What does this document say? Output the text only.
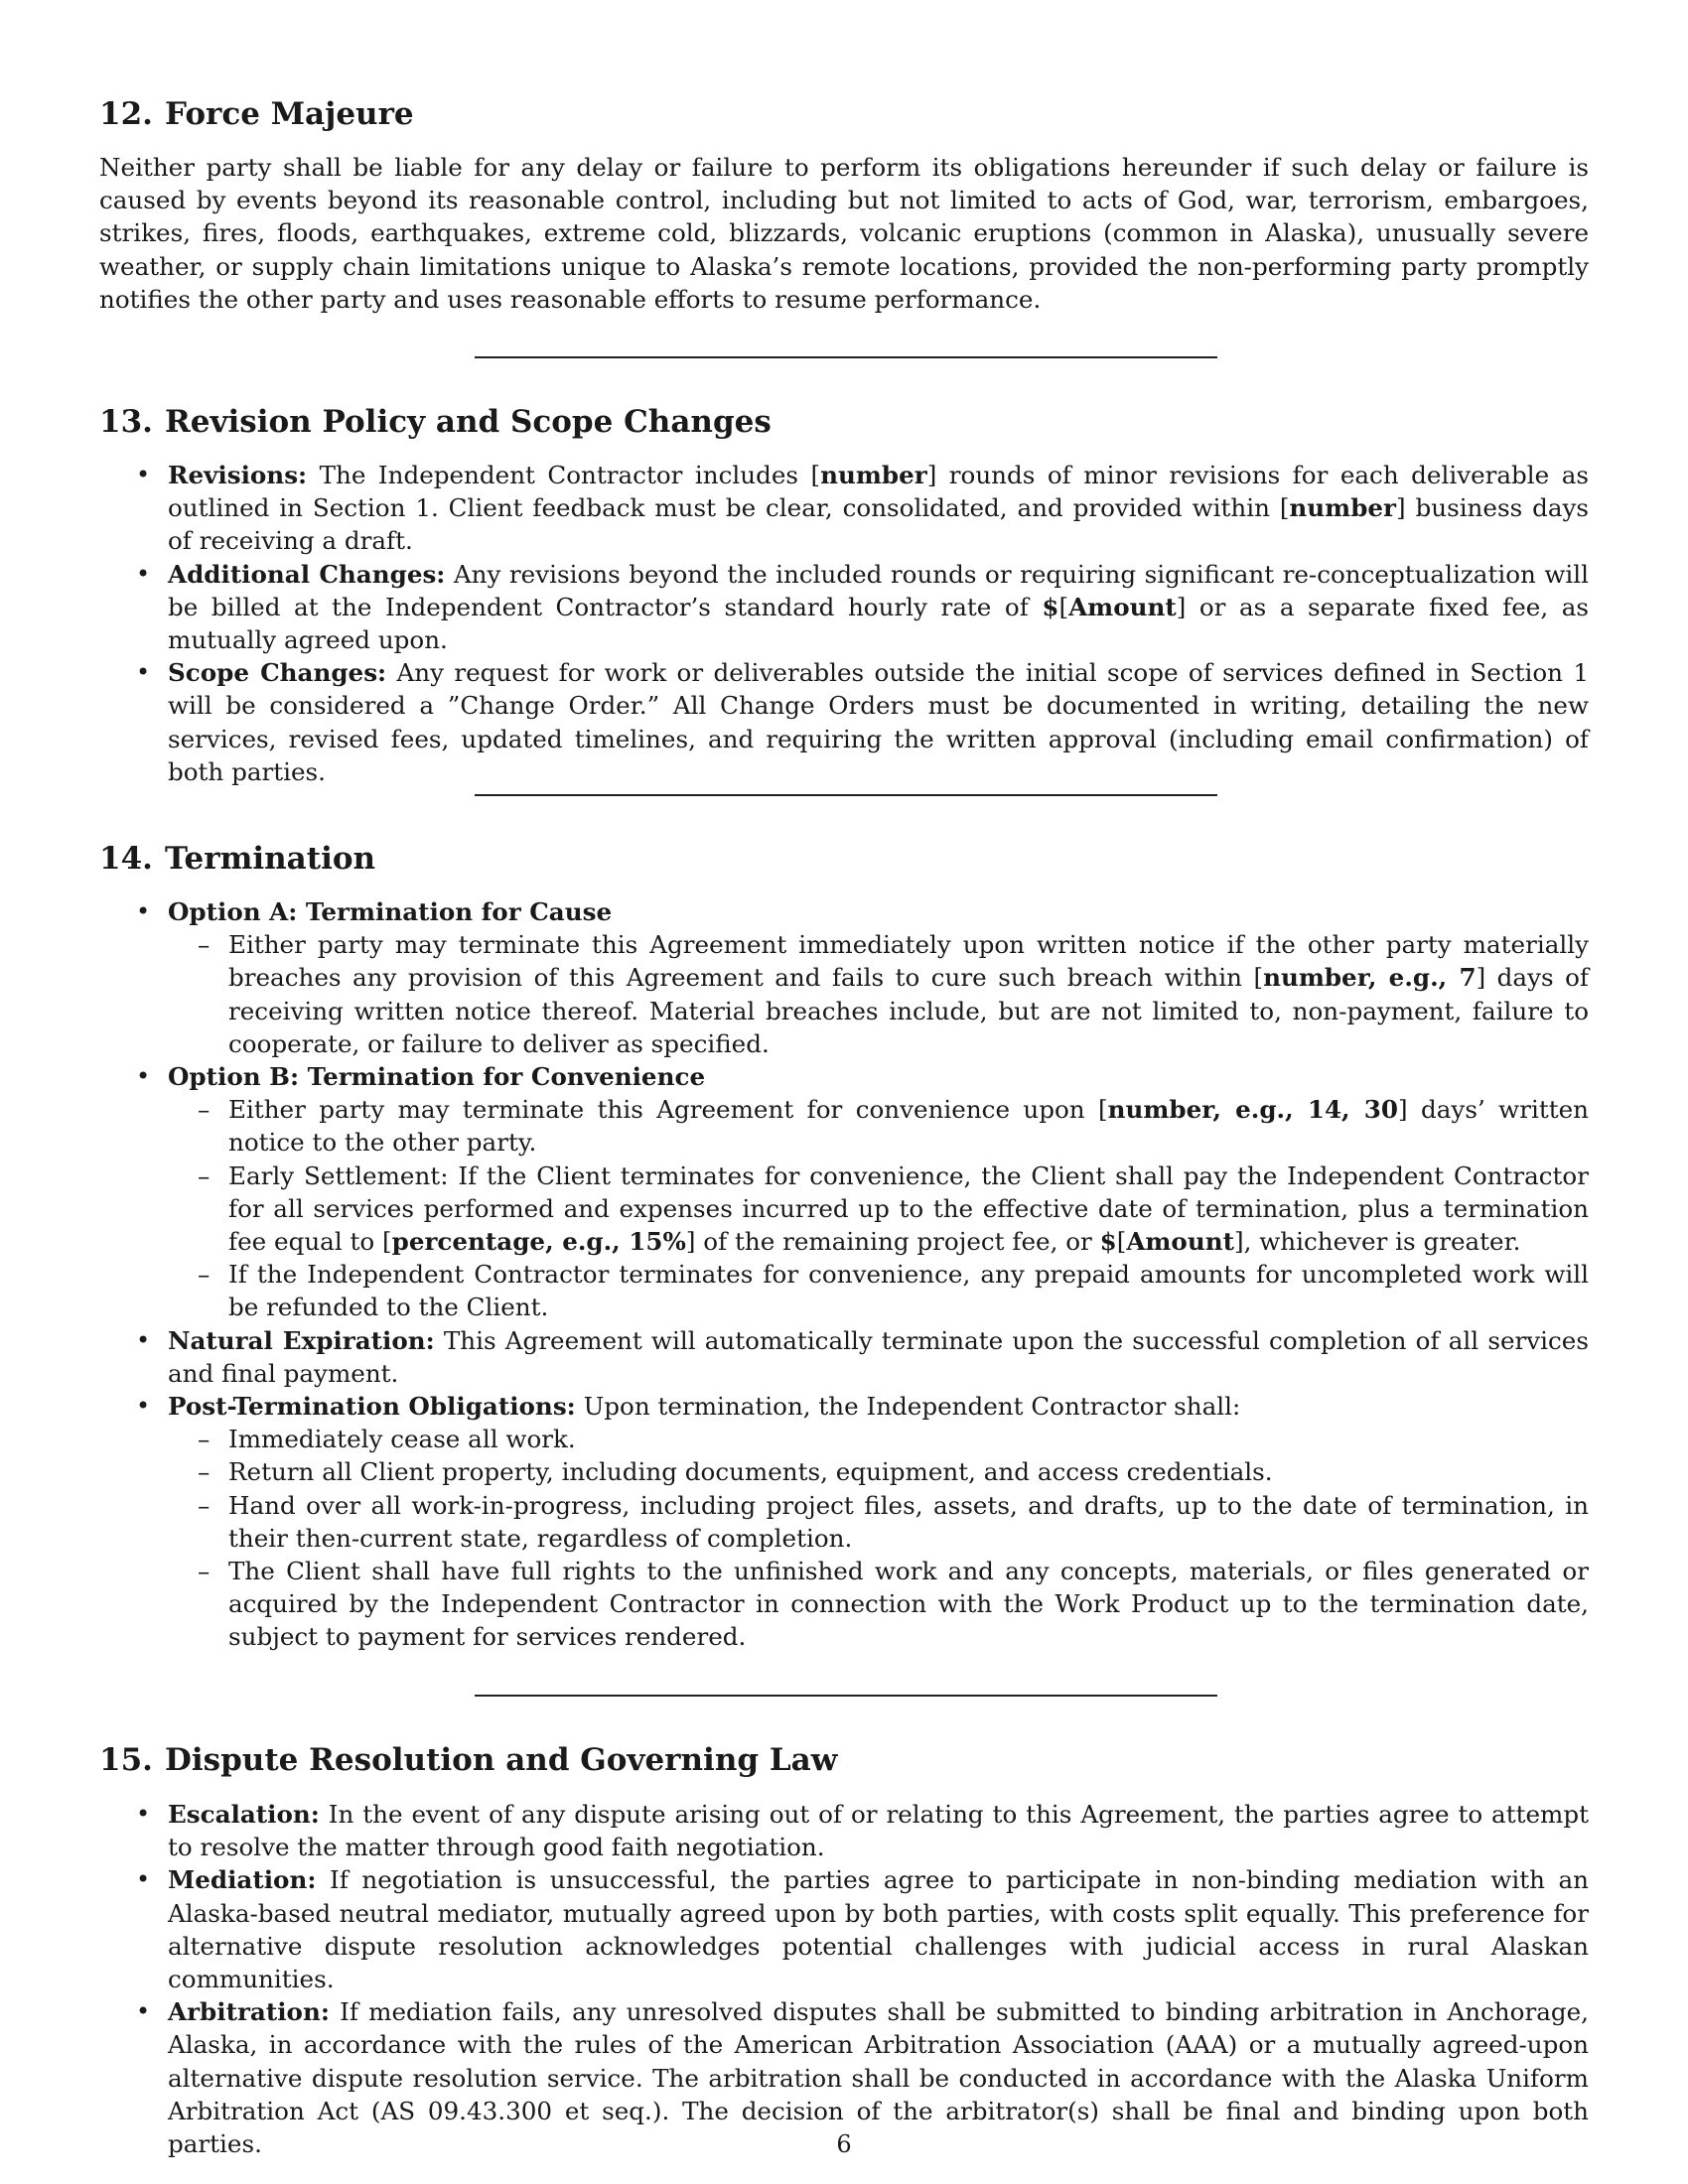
12. Force Majeure

Neither party shall be liable for any delay or failure to perform its obligations hereunder if such delay or failure is caused by events beyond its reasonable control, including but not limited to acts of God, war, terrorism, embargoes, strikes, fires, floods, earthquakes, extreme cold, blizzards, volcanic eruptions (common in Alaska), unusually severe weather, or supply chain limitations unique to Alaska’s remote locations, provided the non-performing party promptly notifies the other party and uses reasonable efforts to resume performance.

13. Revision Policy and Scope Changes
• Revisions: The Independent Contractor includes [number] rounds of minor revisions for each deliverable as outlined in Section 1. Client feedback must be clear, consolidated, and provided within [number] business days of receiving a draft.
• Additional Changes: Any revisions beyond the included rounds or requiring significant re-conceptualization will be billed at the Independent Contractor’s standard hourly rate of $[Amount] or as a separate fixed fee, as mutually agreed upon.
• Scope Changes: Any request for work or deliverables outside the initial scope of services defined in Section 1 will be considered a ”Change Order.” All Change Orders must be documented in writing, detailing the new services, revised fees, updated timelines, and requiring the written approval (including email confirmation) of both parties.
14. Termination
• Option A: Termination for Cause
– Either party may terminate this Agreement immediately upon written notice if the other party materially breaches any provision of this Agreement and fails to cure such breach within [number, e.g., 7] days of receiving written notice thereof. Material breaches include, but are not limited to, non-payment, failure to cooperate, or failure to deliver as specified.
• Option B: Termination for Convenience
– Either party may terminate this Agreement for convenience upon [number, e.g., 14, 30] days’ written notice to the other party.
– Early Settlement: If the Client terminates for convenience, the Client shall pay the Independent Contractor for all services performed and expenses incurred up to the effective date of termination, plus a termination fee equal to [percentage, e.g., 15%] of the remaining project fee, or $[Amount], whichever is greater.
– If the Independent Contractor terminates for convenience, any prepaid amounts for uncompleted work will be refunded to the Client.
• Natural Expiration: This Agreement will automatically terminate upon the successful completion of all services and final payment.
• Post-Termination Obligations: Upon termination, the Independent Contractor shall:
– Immediately cease all work.
– Return all Client property, including documents, equipment, and access credentials.
– Hand over all work-in-progress, including project files, assets, and drafts, up to the date of termination, in their then-current state, regardless of completion.
– The Client shall have full rights to the unfinished work and any concepts, materials, or files generated or acquired by the Independent Contractor in connection with the Work Product up to the termination date, subject to payment for services rendered.
15. Dispute Resolution and Governing Law
• Escalation: In the event of any dispute arising out of or relating to this Agreement, the parties agree to attempt to resolve the matter through good faith negotiation.
• Mediation: If negotiation is unsuccessful, the parties agree to participate in non-binding mediation with an Alaska-based neutral mediator, mutually agreed upon by both parties, with costs split equally. This preference for alternative dispute resolution acknowledges potential challenges with judicial access in rural Alaskan communities.
• Arbitration: If mediation fails, any unresolved disputes shall be submitted to binding arbitration in Anchorage, Alaska, in accordance with the rules of the American Arbitration Association (AAA) or a mutually agreed-upon alternative dispute resolution service. The arbitration shall be conducted in accordance with the Alaska Uniform Arbitration Act (AS 09.43.300 et seq.). The decision of the arbitrator(s) shall be final and binding upon both parties.	6
